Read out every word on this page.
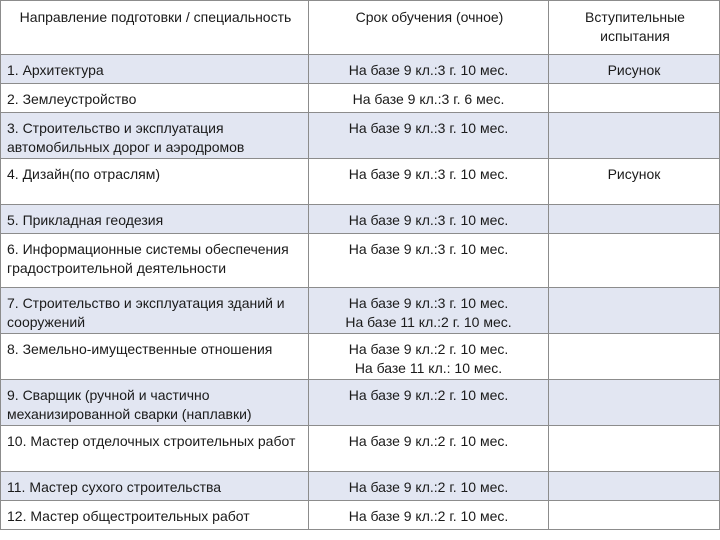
Направление подготовки / специальность	Срок обучения (очное)	Вступительные испытания
1. Архитектура	На базе 9 кл.:3 г. 10 мес.	Рисунок
2. Землеустройство	На базе 9 кл.:3 г. 6 мес.	

3. Строительство и эксплуатация автомобильных дорог и аэродромов	На базе 9 кл.:3 г. 10 мес.	

4. Дизайн(по отраслям)	На базе 9 кл.:3 г. 10 мес.	Рисунок
5. Прикладная геодезия	На базе 9 кл.:3 г. 10 мес.	

6. Информационные системы обеспечения градостроительной деятельности	На базе 9 кл.:3 г. 10 мес.	

7. Строительство и эксплуатация зданий и сооружений	На базе 9 кл.:3 г. 10 мес.
На базе 11 кл.:2 г. 10 мес.	

8. Земельно-имущественные отношения	На базе 9 кл.:2 г. 10 мес.
На базе 11 кл.: 10 мес.	

9. Сварщик (ручной и частично механизированной сварки (наплавки)	На базе 9 кл.:2 г. 10 мес.	

10. Мастер отделочных строительных работ	На базе 9 кл.:2 г. 10 мес.	

11. Мастер сухого строительства	На базе 9 кл.:2 г. 10 мес.	

12. Мастер общестроительных работ	На базе 9 кл.:2 г. 10 мес.	
